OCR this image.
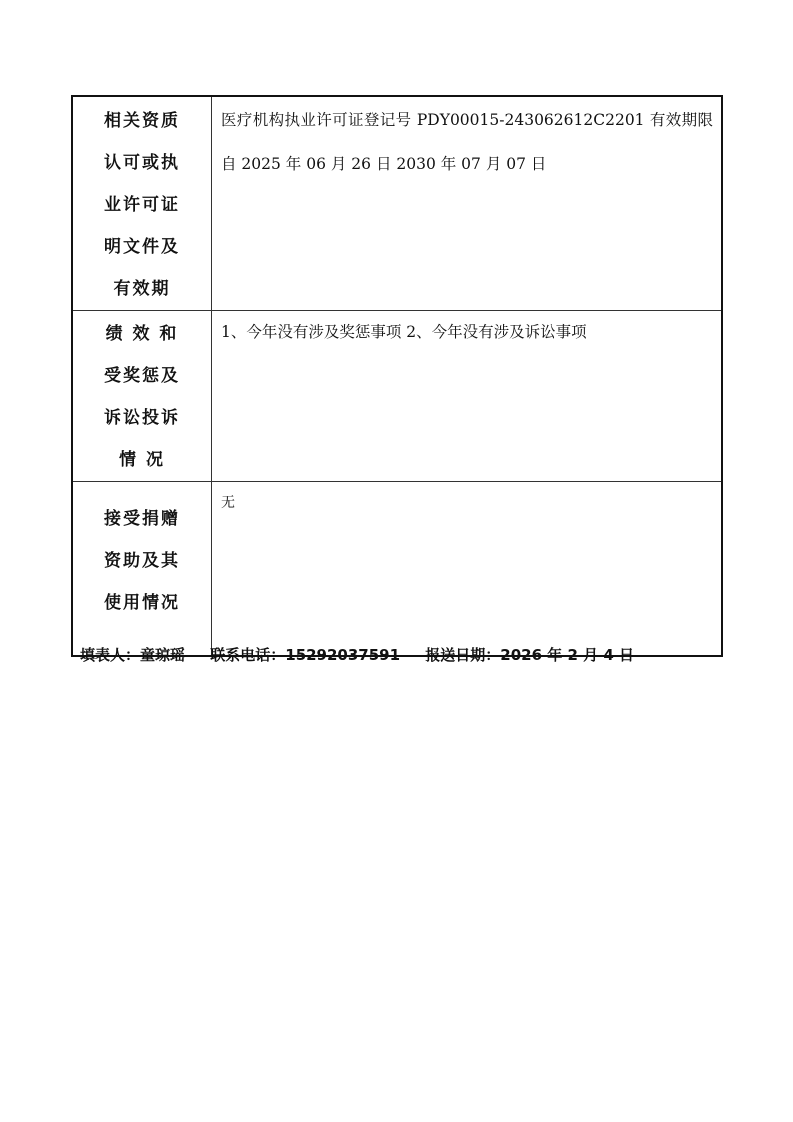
相关资质
认可或执
业许可证
明文件及
有效期	医疗机构执业许可证登记号 PDY00015-243062612C2201 有效期限自 2025 年 06 月 26 日 2030 年 07 月 07 日

绩 效 和
受奖惩及
诉讼投诉
情 况	1、今年没有涉及奖惩事项 2、今年没有涉及诉讼事项

接受捐赠
资助及其
使用情况	无
填表人：童琼瑶 联系电话：15292037591 报送日期：2026 年 2 月 4 日
